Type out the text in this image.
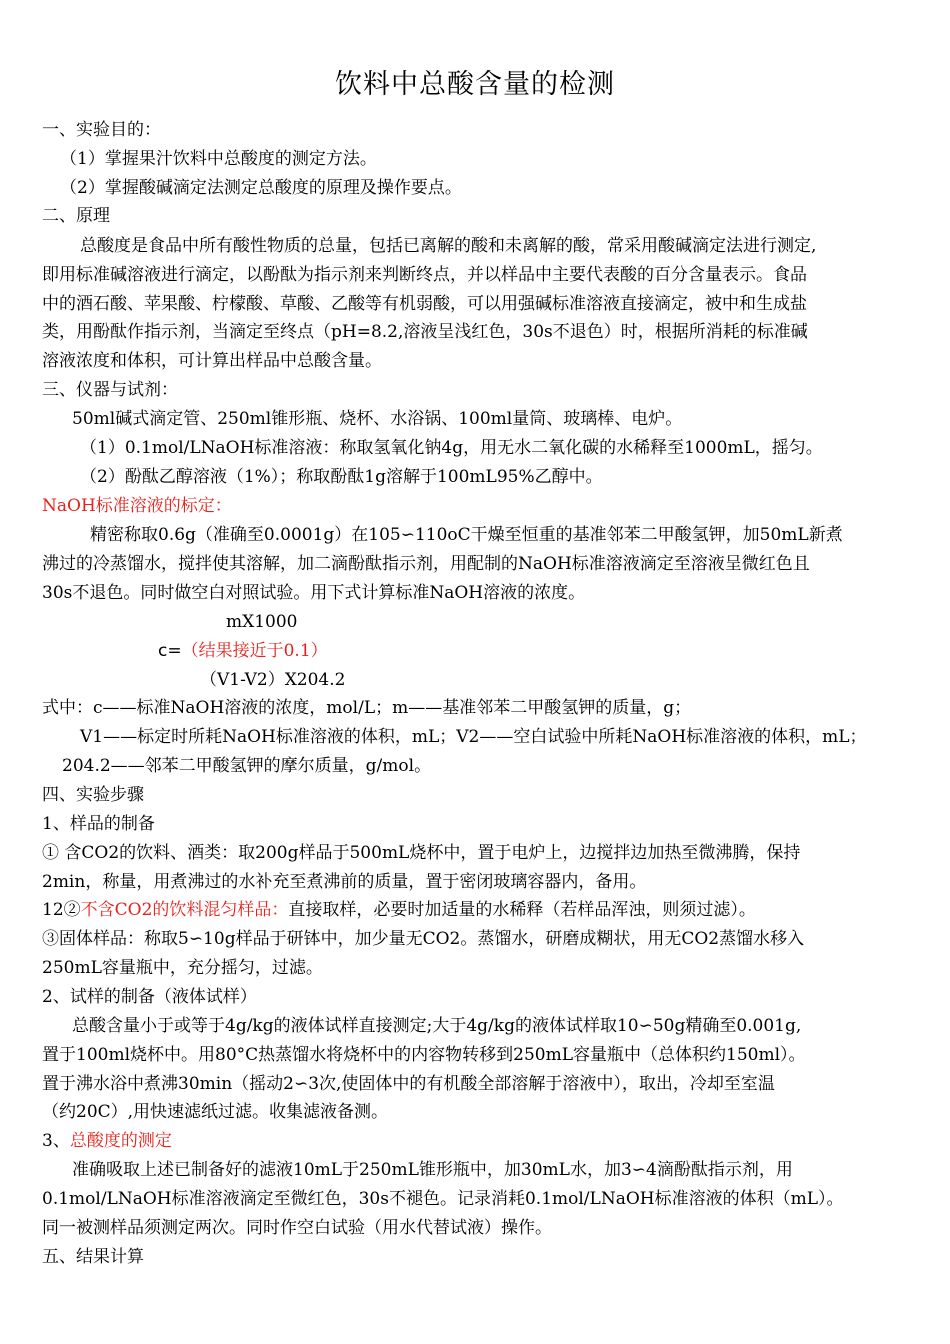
饮料中总酸含量的检测
一、实验目的：
（1）掌握果汁饮料中总酸度的测定方法。
（2）掌握酸碱滴定法测定总酸度的原理及操作要点。
二、原理
总酸度是食品中所有酸性物质的总量，包括已离解的酸和未离解的酸，常采用酸碱滴定法进行测定,
即用标准碱溶液进行滴定，以酚酞为指示剂来判断终点，并以样品中主要代表酸的百分含量表示。食品
中的酒石酸、苹果酸、柠檬酸、草酸、乙酸等有机弱酸，可以用强碱标准溶液直接滴定，被中和生成盐
类，用酚酞作指示剂，当滴定至终点（pH=8.2,溶液呈浅红色，30s不退色）时，根据所消耗的标准碱
溶液浓度和体积，可计算出样品中总酸含量。
三、仪器与试剂：
50ml碱式滴定管、250ml锥形瓶、烧杯、水浴锅、100ml量筒、玻璃棒、电炉。
（1）0.1mol/LNaOH标准溶液：称取氢氧化钠4g，用无水二氧化碳的水稀释至1000mL，摇匀。
（2）酚酞乙醇溶液（1%）；称取酚酞1g溶解于100mL95%乙醇中。
NaOH标准溶液的标定：
精密称取0.6g（准确至0.0001g）在105∽110oC干燥至恒重的基准邻苯二甲酸氢钾，加50mL新煮
沸过的冷蒸馏水，搅拌使其溶解，加二滴酚酞指示剂，用配制的NaOH标准溶液滴定至溶液呈微红色且
30s不退色。同时做空白对照试验。用下式计算标准NaOH溶液的浓度。
mX1000
c=（结果接近于0.1）
（V1-V2）X204.2
式中：c——标准NaOH溶液的浓度，mol/L；m——基准邻苯二甲酸氢钾的质量，g；
V1——标定时所耗NaOH标准溶液的体积，mL；V2——空白试验中所耗NaOH标准溶液的体积，mL；
204.2——邻苯二甲酸氢钾的摩尔质量，g/mol。
四、实验步骤
1、样品的制备
① 含CO2的饮料、酒类：取200g样品于500mL烧杯中，置于电炉上，边搅拌边加热至微沸腾，保持
2min，称量，用煮沸过的水补充至煮沸前的质量，置于密闭玻璃容器内，备用。
12②不含CO2的饮料混匀样品：直接取样，必要时加适量的水稀释（若样品浑浊，则须过滤）。
③固体样品：称取5∽10g样品于研钵中，加少量无CO2。蒸馏水，研磨成糊状，用无CO2蒸馏水移入
250mL容量瓶中，充分摇匀，过滤。
2、试样的制备（液体试样）
总酸含量小于或等于4g/kg的液体试样直接测定;大于4g/kg的液体试样取10∽50g精确至0.001g,
置于100ml烧杯中。用80°C热蒸馏水将烧杯中的内容物转移到250mL容量瓶中（总体积约150ml）。
置于沸水浴中煮沸30min（摇动2∽3次,使固体中的有机酸全部溶解于溶液中），取出，冷却至室温
（约20C）,用快速滤纸过滤。收集滤液备测。
3、总酸度的测定
准确吸取上述已制备好的滤液10mL于250mL锥形瓶中，加30mL水，加3∽4滴酚酞指示剂，用
0.1mol/LNaOH标准溶液滴定至微红色，30s不褪色。记录消耗0.1mol/LNaOH标准溶液的体积（mL）。
同一被测样品须测定两次。同时作空白试验（用水代替试液）操作。
五、结果计算
